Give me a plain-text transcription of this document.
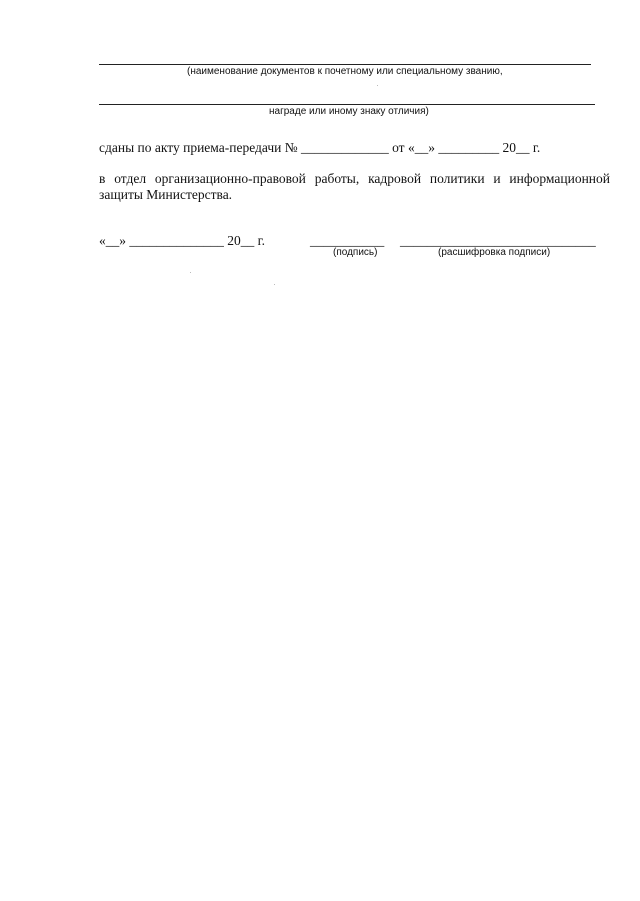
(наименование документов к почетному или специальному званию,
награде или иному знаку отличия)
сданы по акту приема-передачи № _____________ от «__» _________ 20__ г.
в отдел организационно-правовой работы, кадровой политики и информационной
защиты Министерства.
«__» ______________ 20__ г.	___________ _____________________________
(подпись)	(расшифровка подписи)
